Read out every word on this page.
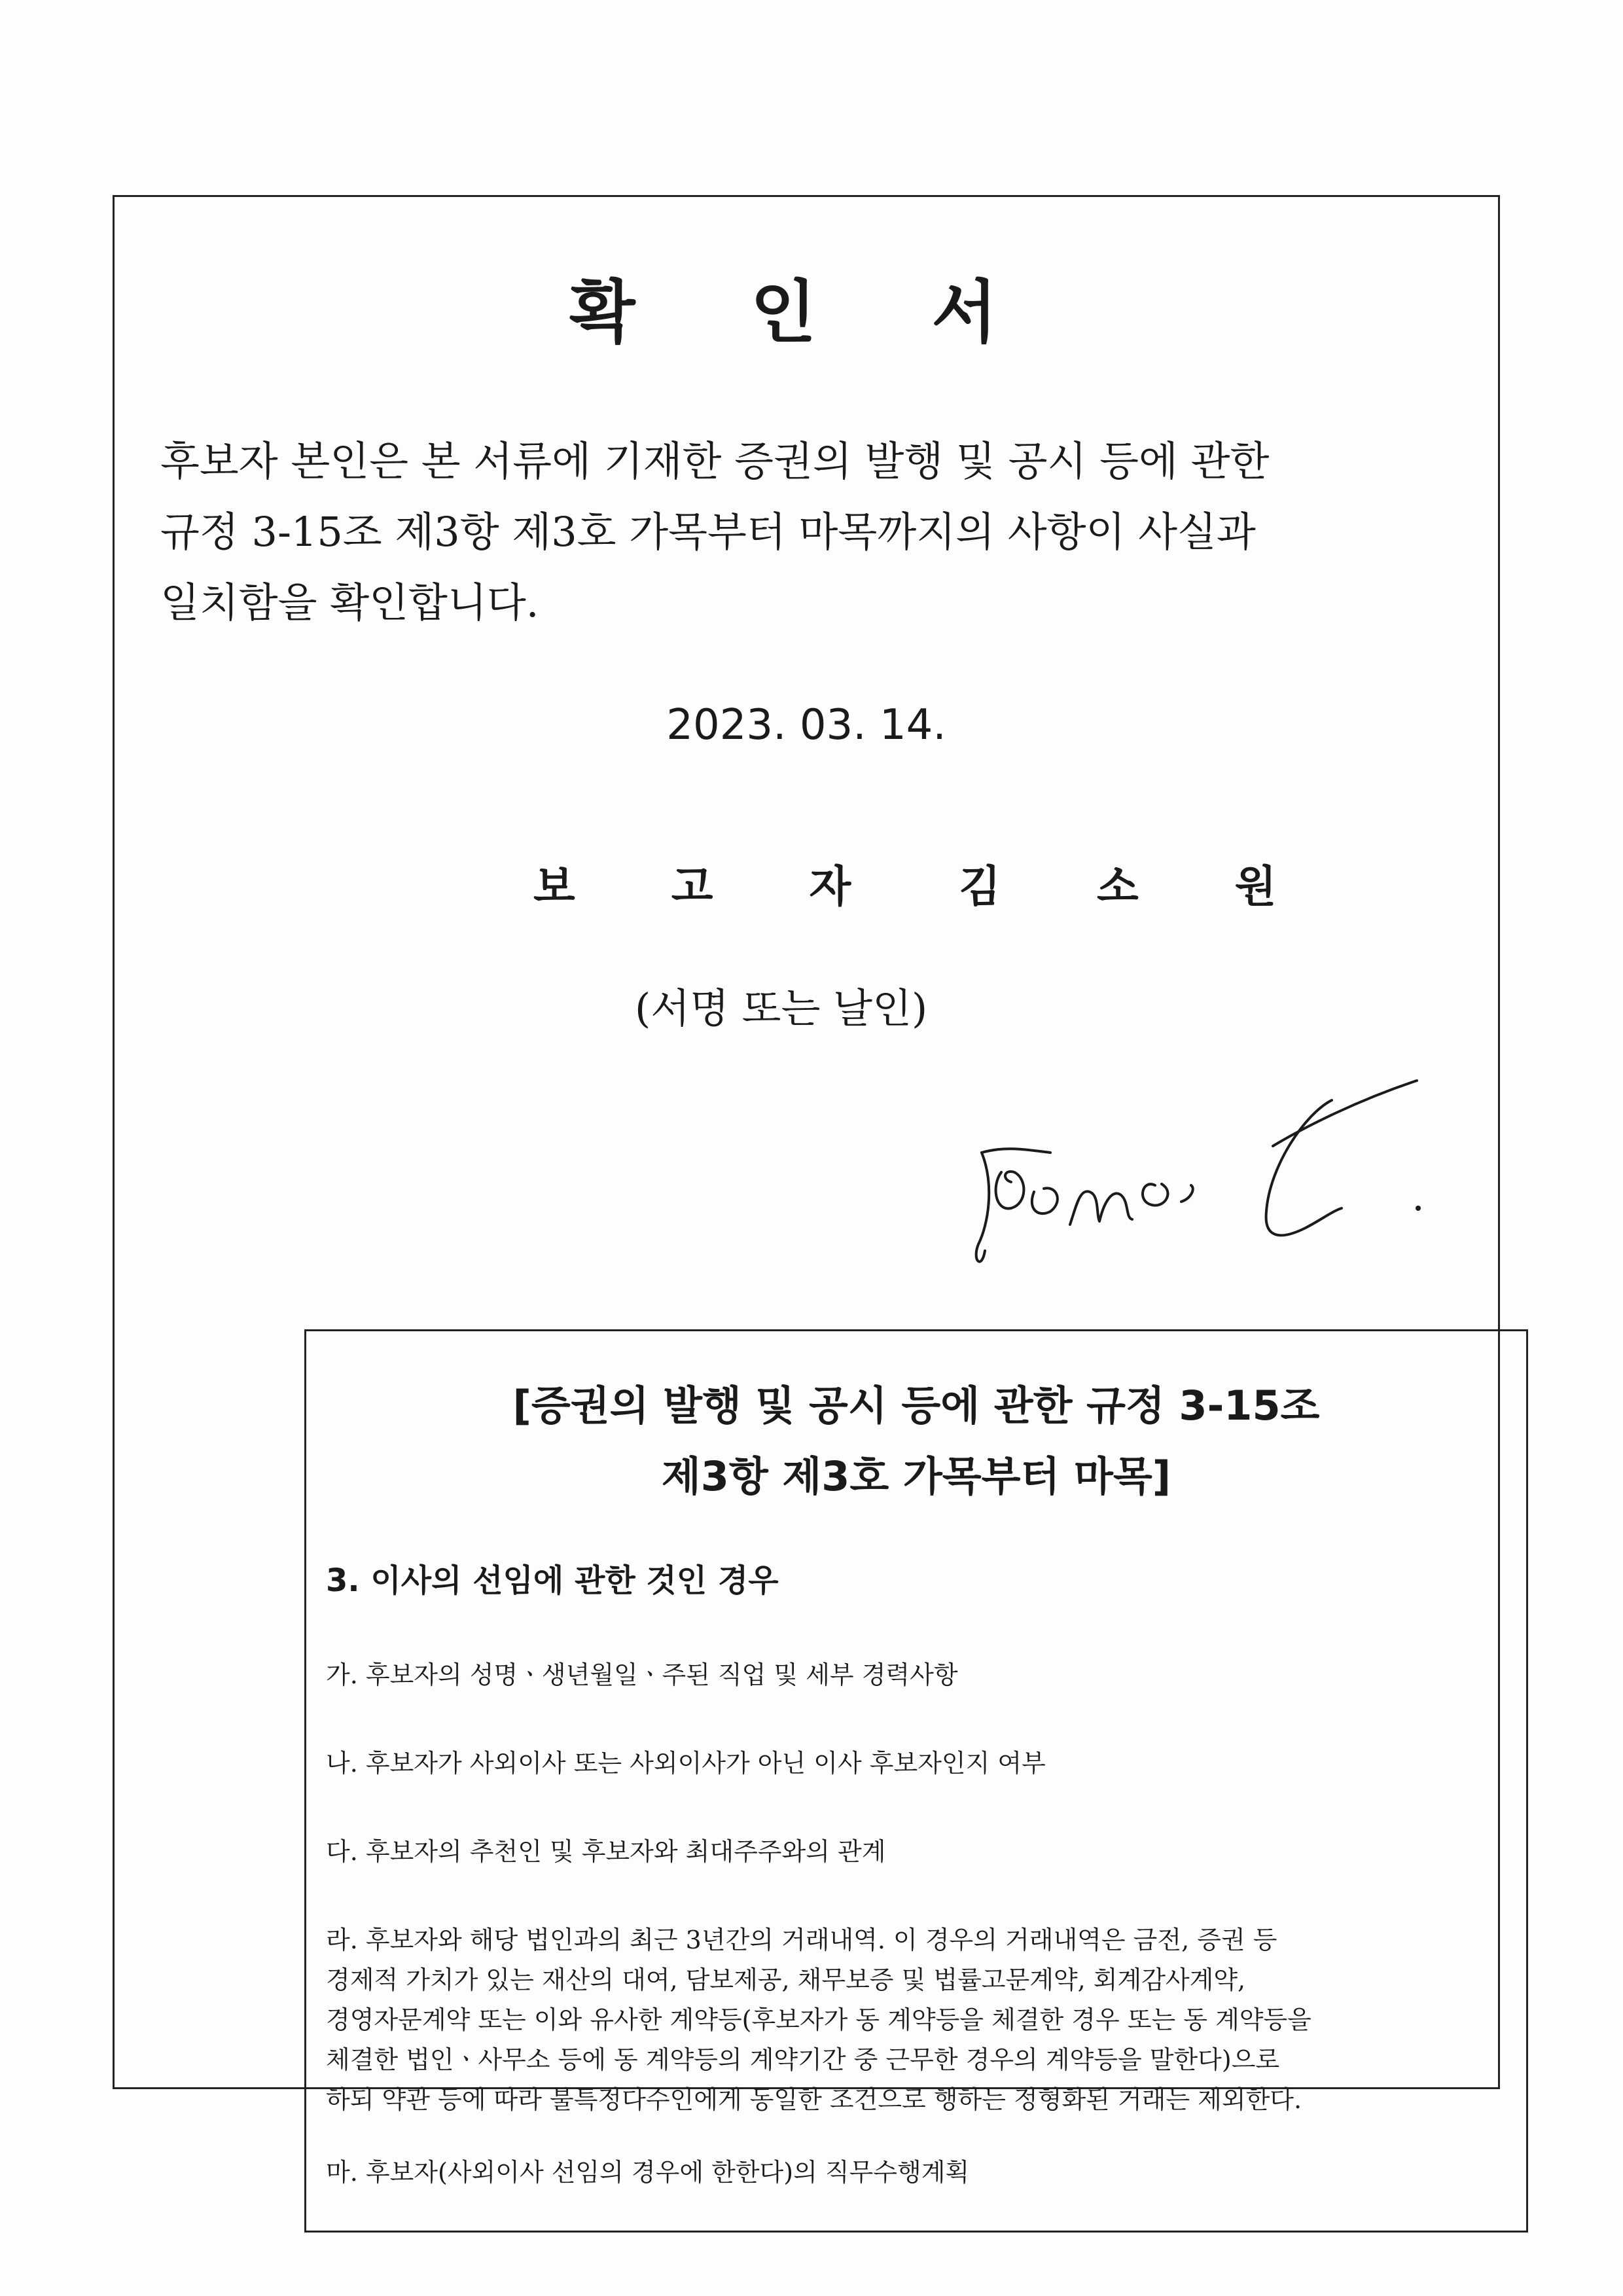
확 인 서

후보자 본인은 본 서류에 기재한 증권의 발행 및 공시 등에 관한

규정 3-15조 제3항 제3호 가목부터 마목까지의 사항이 사실과

일치함을 확인합니다.

2023. 03. 14.
보 고 자 김 소 원
(서명 또는 날인)

[증권의 발행 및 공시 등에 관한 규정 3-15조

제3항 제3호 가목부터 마목]

3. 이사의 선임에 관한 것인 경우
가. 후보자의 성명ㆍ생년월일ㆍ주된 직업 및 세부 경력사항
나. 후보자가 사외이사 또는 사외이사가 아닌 이사 후보자인지 여부
다. 후보자의 추천인 및 후보자와 최대주주와의 관계

라. 후보자와 해당 법인과의 최근 3년간의 거래내역. 이 경우의 거래내역은 금전, 증권 등

경제적 가치가 있는 재산의 대여, 담보제공, 채무보증 및 법률고문계약, 회계감사계약,

경영자문계약 또는 이와 유사한 계약등(후보자가 동 계약등을 체결한 경우 또는 동 계약등을

체결한 법인ㆍ사무소 등에 동 계약등의 계약기간 중 근무한 경우의 계약등을 말한다)으로

하되 약관 등에 따라 불특정다수인에게 동일한 조건으로 행하는 정형화된 거래는 제외한다.

마. 후보자(사외이사 선임의 경우에 한한다)의 직무수행계획
